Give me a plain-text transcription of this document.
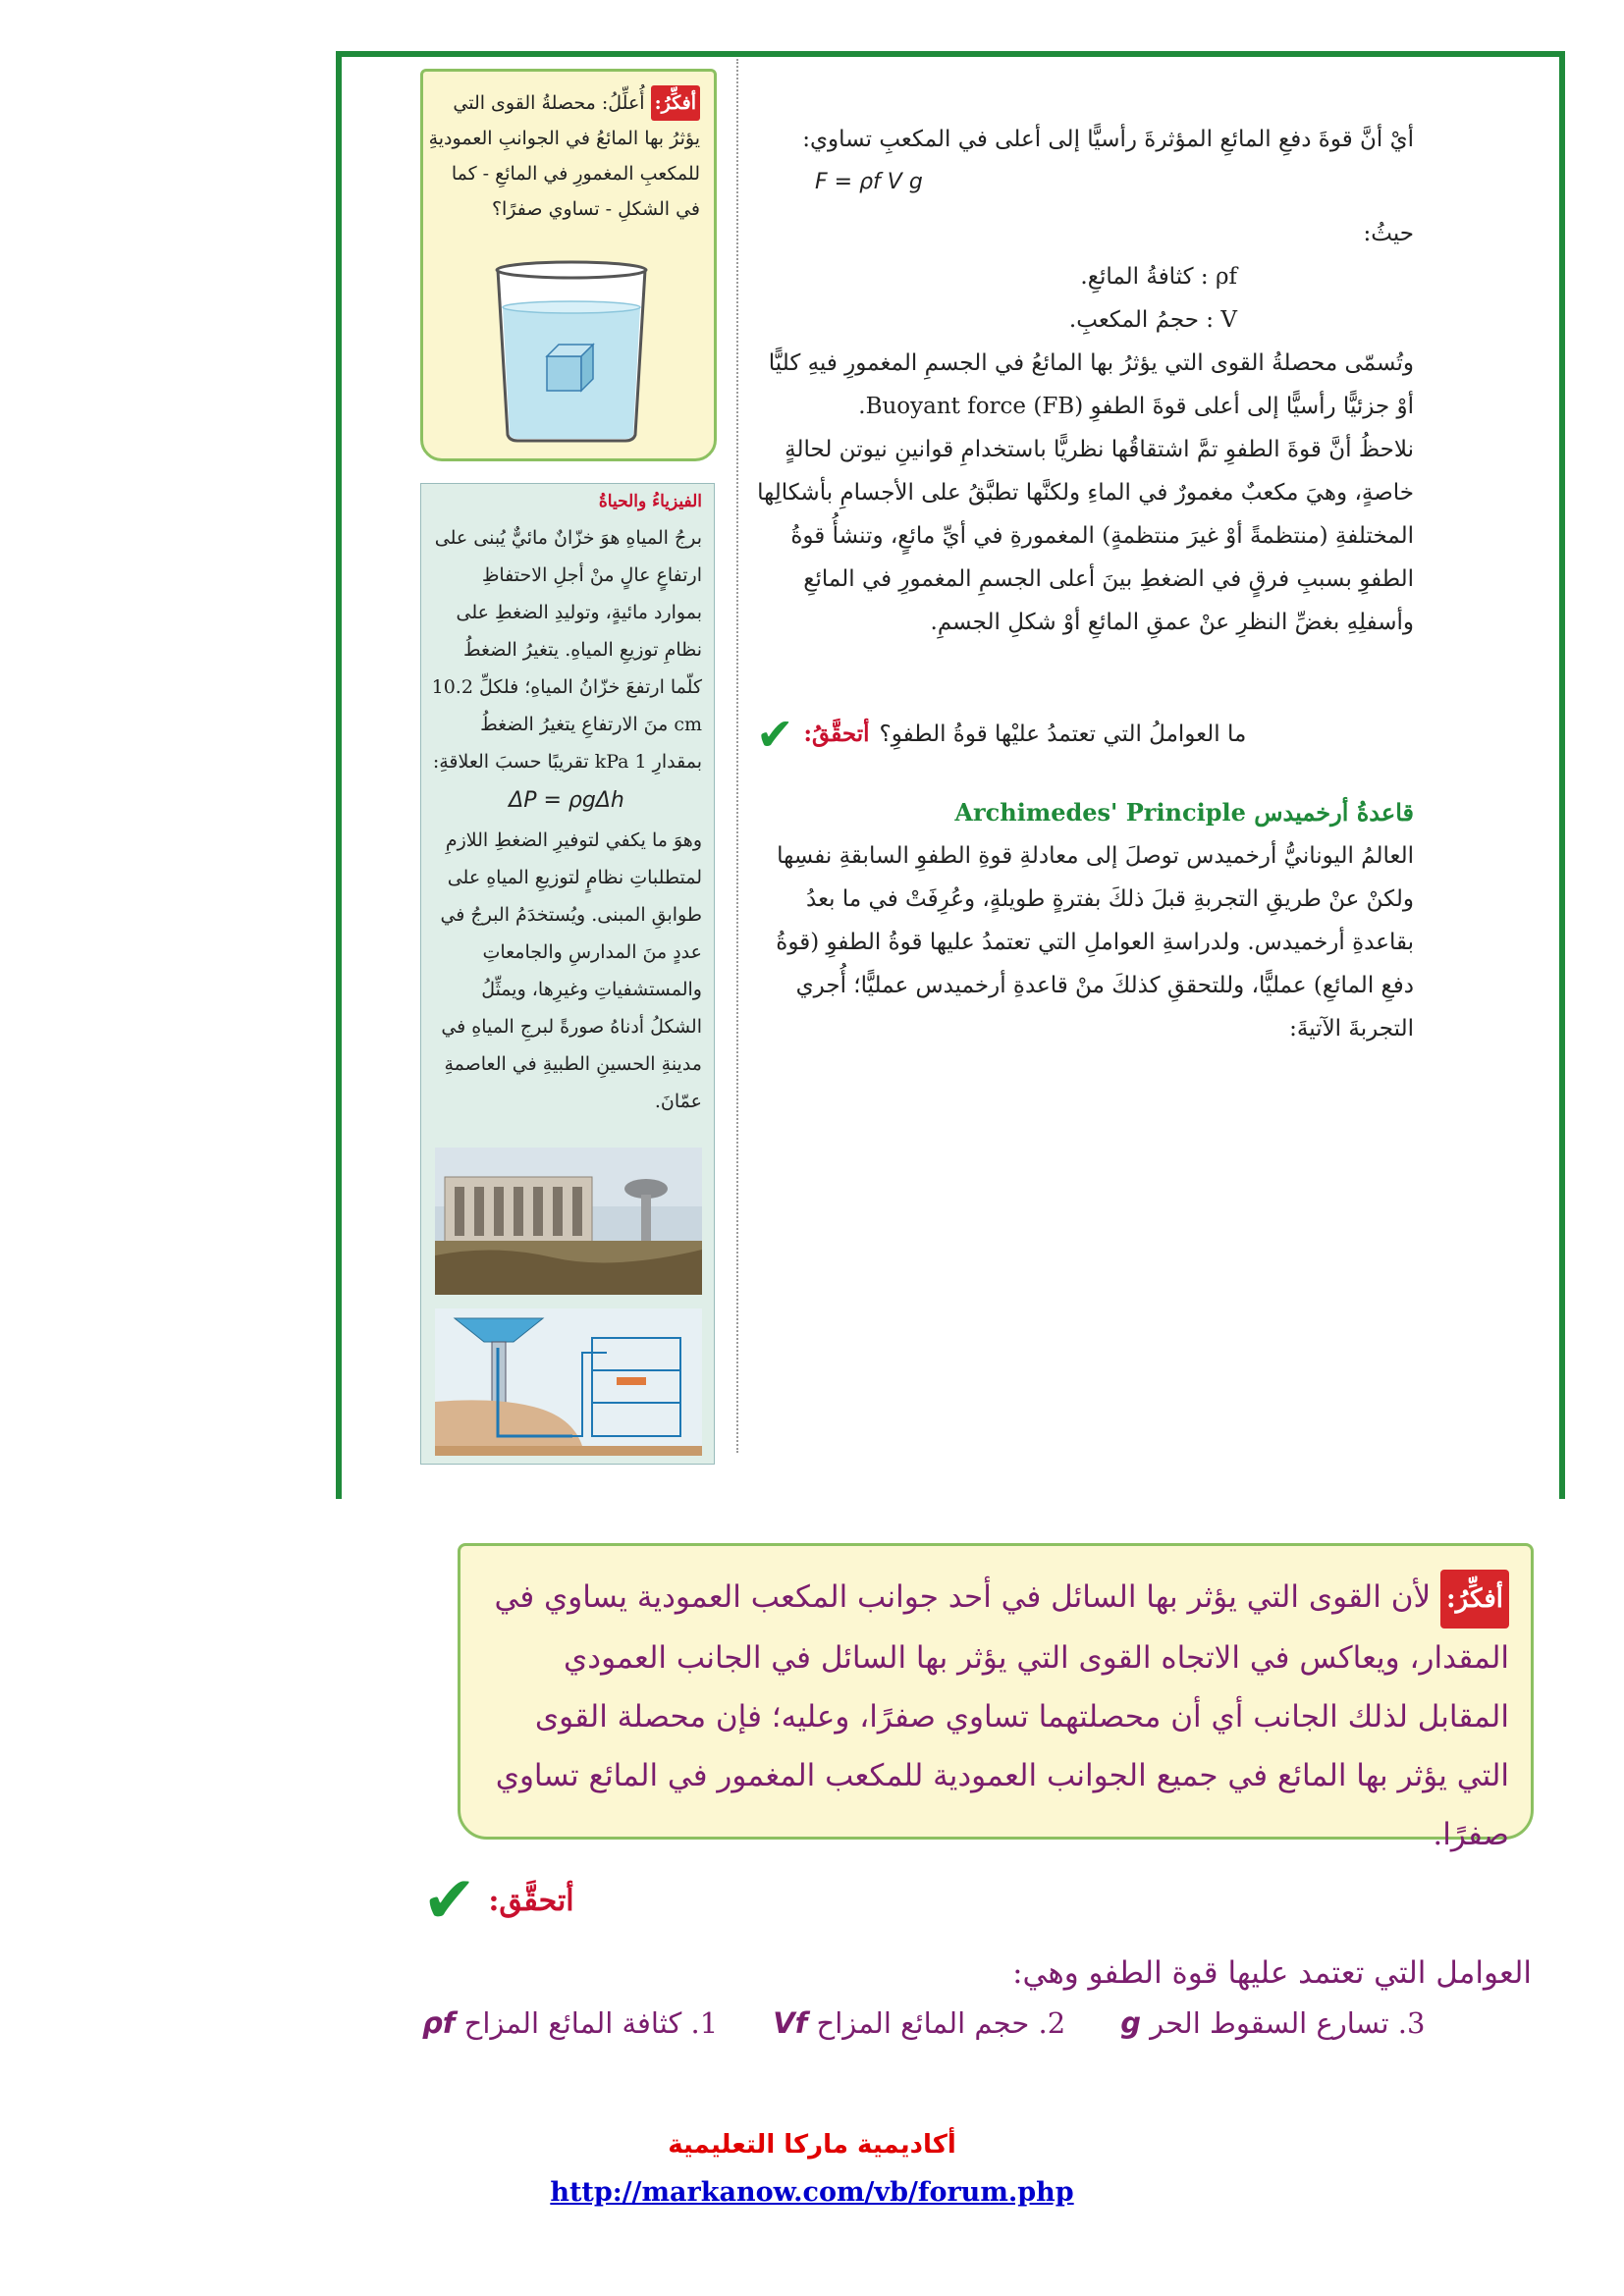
أفكِّرُ: أُعلِّلُ: محصلةُ القوى التي يؤثرُ بها المائعُ في الجوانبِ العموديةِ للمكعبِ المغمورِ في المائعِ - كما في الشكلِ - تساوي صفرًا؟
الفيزياءُ والحياةُ
برجُ المياهِ هوَ خزّانٌ مائيٌّ يُبنى على ارتفاعٍ عالٍ منْ أجلِ الاحتفاظِ بموارد مائيةٍ، وتوليدِ الضغطِ على نظامِ توزيعِ المياهِ. يتغيرُ الضغطُ كلّما ارتفعَ خزّانُ المياهِ؛ فلكلِّ 10.2 cm منَ الارتفاعِ يتغيرُ الضغطُ بمقدارِ 1 kPa تقريبًا حسبَ العلاقةِ:
ΔP = ρgΔh
وهوَ ما يكفي لتوفيرِ الضغطِ اللازمِ لمتطلباتِ نظامٍ لتوزيعِ المياهِ على طوابقِ المبنى. ويُستخدَمُ البرجُ في عددٍ منَ المدارسِ والجامعاتِ والمستشفياتِ وغيرِها، ويمثِّلُ الشكلُ أدناهُ صورةً لبرجِ المياهِ في مدينةِ الحسينِ الطبيةِ في العاصمةِ عمّانَ.

أيْ أنَّ قوةَ دفعِ المائعِ المؤثرةَ رأسيًّا إلى أعلى في المكعبِ تساوي:

F = ρf V g

حيثُ:

ρf : كثافةُ المائعِ.

V : حجمُ المكعبِ.

وتُسمّى محصلةُ القوى التي يؤثرُ بها المائعُ في الجسمِ المغمورِ فيهِ كليًّا أوْ جزئيًّا رأسيًّا إلى أعلى قوةَ الطفوِ Buoyant force (FB).

نلاحظُ أنَّ قوةَ الطفوِ تمَّ اشتقاقُها نظريًّا باستخدامِ قوانينِ نيوتن لحالةٍ خاصةٍ، وهيَ مكعبٌ مغمورٌ في الماءِ ولكنَّها تطبَّقُ على الأجسامِ بأشكالِها المختلفةِ (منتظمةً أوْ غيرَ منتظمةٍ) المغمورةِ في أيِّ مائعٍ، وتنشأُ قوةُ الطفوِ بسببِ فرقٍ في الضغطِ بينَ أعلى الجسمِ المغمورِ في المائعِ وأسفلِهِ بغضِّ النظرِ عنْ عمقِ المائعِ أوْ شكلِ الجسمِ.

✔ أتحقَّقُ: ما العواملُ التي تعتمدُ عليْها قوةُ الطفوِ؟

قاعدةُ أرخميدس Archimedes' Principle

العالمُ اليونانيُّ أرخميدس توصلَ إلى معادلةِ قوةِ الطفوِ السابقةِ نفسِها ولكنْ عنْ طريقِ التجربةِ قبلَ ذلكَ بفترةٍ طويلةٍ، وعُرِفَتْ في ما بعدُ بقاعدةِ أرخميدس. ولدراسةِ العواملِ التي تعتمدُ عليها قوةُ الطفوِ (قوةُ دفعِ المائعِ) عمليًّا، وللتحققِ كذلكَ منْ قاعدةِ أرخميدس عمليًّا؛ أُجري التجربةَ الآتيةَ:

أفكِّرُ: لأن القوى التي يؤثر بها السائل في أحد جوانب المكعب العمودية يساوي في المقدار، ويعاكس في الاتجاه القوى التي يؤثر بها السائل في الجانب العمودي المقابل لذلك الجانب أي أن محصلتهما تساوي صفرًا، وعليه؛ فإن محصلة القوى التي يؤثر بها المائع في جميع الجوانب العمودية للمكعب المغمور في المائع تساوي صفرًا.
✔ أتحقَّق:
العوامل التي تعتمد عليها قوة الطفو وهي:
1. كثافة المائع المزاح ρf	2. حجم المائع المزاح Vf	3. تسارع السقوط الحر g
أكاديمية ماركا التعليمية
http://markanow.com/vb/forum.php
